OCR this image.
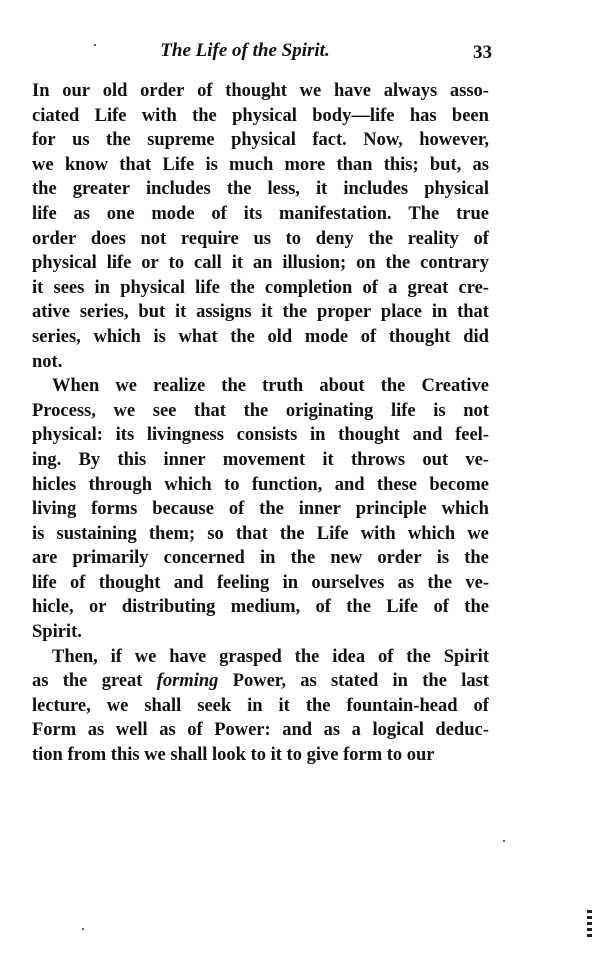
The Life of the Spirit.	33
In our old order of thought we have always asso-
ciated Life with the physical body—life has been
for us the supreme physical fact. Now, however,
we know that Life is much more than this; but, as
the greater includes the less, it includes physical
life as one mode of its manifestation. The true
order does not require us to deny the reality of
physical life or to call it an illusion; on the contrary
it sees in physical life the completion of a great cre-
ative series, but it assigns it the proper place in that
series, which is what the old mode of thought did
not.
When we realize the truth about the Creative
Process, we see that the originating life is not
physical: its livingness consists in thought and feel-
ing. By this inner movement it throws out ve-
hicles through which to function, and these become
living forms because of the inner principle which
is sustaining them; so that the Life with which we
are primarily concerned in the new order is the
life of thought and feeling in ourselves as the ve-
hicle, or distributing medium, of the Life of the
Spirit.
Then, if we have grasped the idea of the Spirit
as the great forming Power, as stated in the last
lecture, we shall seek in it the fountain-head of
Form as well as of Power: and as a logical deduc-
tion from this we shall look to it to give form to our
